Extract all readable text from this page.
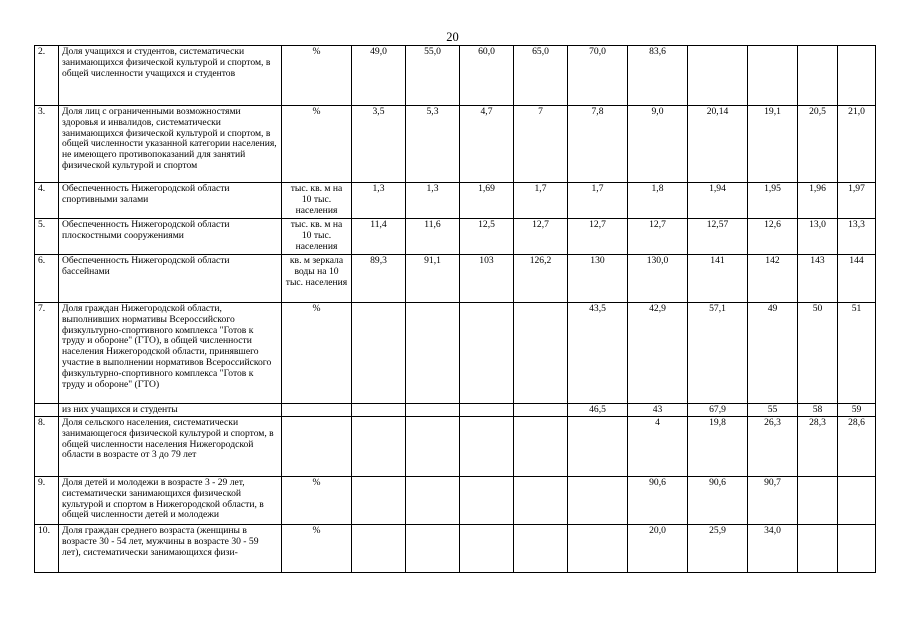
20
2.	Доля учащихся и студентов, систематически занимающихся физической культурой и спортом, в общей численности учащихся и студентов	%	49,0	55,0	60,0	65,0	70,0	83,6				
3.	Доля лиц с ограниченными возможностями здоровья и инвалидов, систематически занимающихся физической культурой и спортом, в общей численности указанной категории населения, не имеющего противопоказаний для занятий физической культурой и спортом	%	3,5	5,3	4,7	7	7,8	9,0	20,14	19,1	20,5	21,0
4.	Обеспеченность Нижегородской области спортивными залами	тыс. кв. м на 10 тыс. населения	1,3	1,3	1,69	1,7	1,7	1,8	1,94	1,95	1,96	1,97
5.	Обеспеченность Нижегородской области плоскостными сооружениями	тыс. кв. м на 10 тыс. населения	11,4	11,6	12,5	12,7	12,7	12,7	12,57	12,6	13,0	13,3
6.	Обеспеченность Нижегородской области бассейнами	кв. м зеркала воды на 10 тыс. населения	89,3	91,1	103	126,2	130	130,0	141	142	143	144
7.	Доля граждан Нижегородской области, выполнивших нормативы Всероссийского физкультурно-спортивного комплекса "Готов к труду и обороне" (ГТО), в общей численности населения Нижегородской области, принявшего участие в выполнении нормативов Всероссийского физкультурно-спортивного комплекса "Готов к труду и обороне" (ГТО)	%					43,5	42,9	57,1	49	50	51
	из них учащихся и студенты						46,5	43	67,9	55	58	59
8.	Доля сельского населения, систематически занимающегося физической культурой и спортом, в общей численности населения Нижегородской области в возрасте от 3 до 79 лет							4	19,8	26,3	28,3	28,6
9.	Доля детей и молодежи в возрасте 3 - 29 лет, систематически занимающихся физической культурой и спортом в Нижегородской области, в общей численности детей и молодежи	%						90,6	90,6	90,7		
10.	Доля граждан среднего возраста (женщины в возрасте 30 - 54 лет, мужчины в возрасте 30 - 59 лет), систематически занимающихся физи-	%						20,0	25,9	34,0		
